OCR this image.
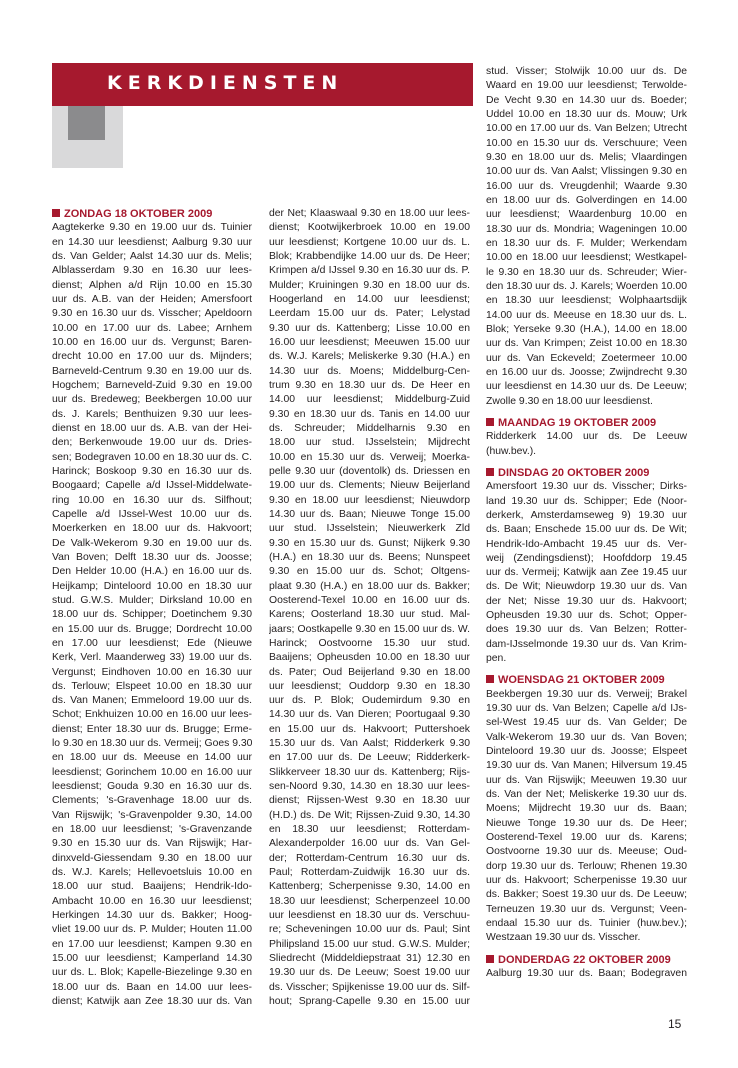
KERKDIENSTEN
ZONDAG 18 OKTOBER 2009
Aagtekerke 9.30 en 19.00 uur ds. Tuinier
en 14.30 uur leesdienst; Aalburg 9.30 uur
ds. Van Gelder; Aalst 14.30 uur ds. Melis;
Alblasserdam 9.30 en 16.30 uur lees-
dienst; Alphen a/d Rijn 10.00 en 15.30
uur ds. A.B. van der Heiden; Amersfoort
9.30 en 16.30 uur ds. Visscher; Apeldoorn
10.00 en 17.00 uur ds. Labee; Arnhem
10.00 en 16.00 uur ds. Vergunst; Baren-
drecht 10.00 en 17.00 uur ds. Mijnders;
Barneveld-Centrum 9.30 en 19.00 uur ds.
Hogchem; Barneveld-Zuid 9.30 en 19.00
uur ds. Bredeweg; Beekbergen 10.00 uur
ds. J. Karels; Benthuizen 9.30 uur lees-
dienst en 18.00 uur ds. A.B. van der Hei-
den; Berkenwoude 19.00 uur ds. Dries-
sen; Bodegraven 10.00 en 18.30 uur ds. C.
Harinck; Boskoop 9.30 en 16.30 uur ds.
Boogaard; Capelle a/d IJssel-Middelwate-
ring 10.00 en 16.30 uur ds. Silfhout;
Capelle a/d IJssel-West 10.00 uur ds.
Moerkerken en 18.00 uur ds. Hakvoort;
De Valk-Wekerom 9.30 en 19.00 uur ds.
Van Boven; Delft 18.30 uur ds. Joosse;
Den Helder 10.00 (H.A.) en 16.00 uur ds.
Heijkamp; Dinteloord 10.00 en 18.30 uur
stud. G.W.S. Mulder; Dirksland 10.00 en
18.00 uur ds. Schipper; Doetinchem 9.30
en 15.00 uur ds. Brugge; Dordrecht 10.00
en 17.00 uur leesdienst; Ede (Nieuwe
Kerk, Verl. Maanderweg 33) 19.00 uur ds.
Vergunst; Eindhoven 10.00 en 16.30 uur
ds. Terlouw; Elspeet 10.00 en 18.30 uur
ds. Van Manen; Emmeloord 19.00 uur ds.
Schot; Enkhuizen 10.00 en 16.00 uur lees-
dienst; Enter 18.30 uur ds. Brugge; Erme-
lo 9.30 en 18.30 uur ds. Vermeij; Goes 9.30
en 18.00 uur ds. Meeuse en 14.00 uur
leesdienst; Gorinchem 10.00 en 16.00 uur
leesdienst; Gouda 9.30 en 16.30 uur ds.
Clements; 's-Gravenhage 18.00 uur ds.
Van Rijswijk; 's-Gravenpolder 9.30, 14.00
en 18.00 uur leesdienst; 's-Gravenzande
9.30 en 15.30 uur ds. Van Rijswijk; Har-
dinxveld-Giessendam 9.30 en 18.00 uur
ds. W.J. Karels; Hellevoetsluis 10.00 en
18.00 uur stud. Baaijens; Hendrik-Ido-
Ambacht 10.00 en 16.30 uur leesdienst;
Herkingen 14.30 uur ds. Bakker; Hoog-
vliet 19.00 uur ds. P. Mulder; Houten 11.00
en 17.00 uur leesdienst; Kampen 9.30 en
15.00 uur leesdienst; Kamperland 14.30
uur ds. L. Blok; Kapelle-Biezelinge 9.30 en
18.00 uur ds. Baan en 14.00 uur lees-
dienst; Katwijk aan Zee 18.30 uur ds. Van
der Net; Klaaswaal 9.30 en 18.00 uur lees-
dienst; Kootwijkerbroek 10.00 en 19.00
uur leesdienst; Kortgene 10.00 uur ds. L.
Blok; Krabbendijke 14.00 uur ds. De Heer;
Krimpen a/d IJssel 9.30 en 16.30 uur ds. P.
Mulder; Kruiningen 9.30 en 18.00 uur ds.
Hoogerland en 14.00 uur leesdienst;
Leerdam 15.00 uur ds. Pater; Lelystad
9.30 uur ds. Kattenberg; Lisse 10.00 en
16.00 uur leesdienst; Meeuwen 15.00 uur
ds. W.J. Karels; Meliskerke 9.30 (H.A.) en
14.30 uur ds. Moens; Middelburg-Cen-
trum 9.30 en 18.30 uur ds. De Heer en
14.00 uur leesdienst; Middelburg-Zuid
9.30 en 18.30 uur ds. Tanis en 14.00 uur
ds. Schreuder; Middelharnis 9.30 en
18.00 uur stud. IJsselstein; Mijdrecht
10.00 en 15.30 uur ds. Verweij; Moerka-
pelle 9.30 uur (doventolk) ds. Driessen en
19.00 uur ds. Clements; Nieuw Beijerland
9.30 en 18.00 uur leesdienst; Nieuwdorp
14.30 uur ds. Baan; Nieuwe Tonge 15.00
uur stud. IJsselstein; Nieuwerkerk Zld
9.30 en 15.30 uur ds. Gunst; Nijkerk 9.30
(H.A.) en 18.30 uur ds. Beens; Nunspeet
9.30 en 15.00 uur ds. Schot; Oltgens-
plaat 9.30 (H.A.) en 18.00 uur ds. Bakker;
Oosterend-Texel 10.00 en 16.00 uur ds.
Karens; Oosterland 18.30 uur stud. Mal-
jaars; Oostkapelle 9.30 en 15.00 uur ds. W.
Harinck; Oostvoorne 15.30 uur stud.
Baaijens; Opheusden 10.00 en 18.30 uur
ds. Pater; Oud Beijerland 9.30 en 18.00
uur leesdienst; Ouddorp 9.30 en 18.30
uur ds. P. Blok; Oudemirdum 9.30 en
14.30 uur ds. Van Dieren; Poortugaal 9.30
en 15.00 uur ds. Hakvoort; Puttershoek
15.30 uur ds. Van Aalst; Ridderkerk 9.30
en 17.00 uur ds. De Leeuw; Ridderkerk-
Slikkerveer 18.30 uur ds. Kattenberg; Rijs-
sen-Noord 9.30, 14.30 en 18.30 uur lees-
dienst; Rijssen-West 9.30 en 18.30 uur
(H.D.) ds. De Wit; Rijssen-Zuid 9.30, 14.30
en 18.30 uur leesdienst; Rotterdam-
Alexanderpolder 16.00 uur ds. Van Gel-
der; Rotterdam-Centrum 16.30 uur ds.
Paul; Rotterdam-Zuidwijk 16.30 uur ds.
Kattenberg; Scherpenisse 9.30, 14.00 en
18.30 uur leesdienst; Scherpenzeel 10.00
uur leesdienst en 18.30 uur ds. Verschuu-
re; Scheveningen 10.00 uur ds. Paul; Sint
Philipsland 15.00 uur stud. G.W.S. Mulder;
Sliedrecht (Middeldiepstraat 31) 12.30 en
19.30 uur ds. De Leeuw; Soest 19.00 uur
ds. Visscher; Spijkenisse 19.00 uur ds. Silf-
hout; Sprang-Capelle 9.30 en 15.00 uur
stud. Visser; Stolwijk 10.00 uur ds. De
Waard en 19.00 uur leesdienst; Terwolde-
De Vecht 9.30 en 14.30 uur ds. Boeder;
Uddel 10.00 en 18.30 uur ds. Mouw; Urk
10.00 en 17.00 uur ds. Van Belzen; Utrecht
10.00 en 15.30 uur ds. Verschuure; Veen
9.30 en 18.00 uur ds. Melis; Vlaardingen
10.00 uur ds. Van Aalst; Vlissingen 9.30 en
16.00 uur ds. Vreugdenhil; Waarde 9.30
en 18.00 uur ds. Golverdingen en 14.00
uur leesdienst; Waardenburg 10.00 en
18.30 uur ds. Mondria; Wageningen 10.00
en 18.30 uur ds. F. Mulder; Werkendam
10.00 en 18.00 uur leesdienst; Westkapel-
le 9.30 en 18.30 uur ds. Schreuder; Wier-
den 18.30 uur ds. J. Karels; Woerden 10.00
en 18.30 uur leesdienst; Wolphaartsdijk
14.00 uur ds. Meeuse en 18.30 uur ds. L.
Blok; Yerseke 9.30 (H.A.), 14.00 en 18.00
uur ds. Van Krimpen; Zeist 10.00 en 18.30
uur ds. Van Eckeveld; Zoetermeer 10.00
en 16.00 uur ds. Joosse; Zwijndrecht 9.30
uur leesdienst en 14.30 uur ds. De Leeuw;
Zwolle 9.30 en 18.00 uur leesdienst.
MAANDAG 19 OKTOBER 2009
Ridderkerk 14.00 uur ds. De Leeuw
(huw.bev.).
DINSDAG 20 OKTOBER 2009
Amersfoort 19.30 uur ds. Visscher; Dirks-
land 19.30 uur ds. Schipper; Ede (Noor-
derkerk, Amsterdamseweg 9) 19.30 uur
ds. Baan; Enschede 15.00 uur ds. De Wit;
Hendrik-Ido-Ambacht 19.45 uur ds. Ver-
weij (Zendingsdienst); Hoofddorp 19.45
uur ds. Vermeij; Katwijk aan Zee 19.45 uur
ds. De Wit; Nieuwdorp 19.30 uur ds. Van
der Net; Nisse 19.30 uur ds. Hakvoort;
Opheusden 19.30 uur ds. Schot; Opper-
does 19.30 uur ds. Van Belzen; Rotter-
dam-IJsselmonde 19.30 uur ds. Van Krim-
pen.
WOENSDAG 21 OKTOBER 2009
Beekbergen 19.30 uur ds. Verweij; Brakel
19.30 uur ds. Van Belzen; Capelle a/d IJs-
sel-West 19.45 uur ds. Van Gelder; De
Valk-Wekerom 19.30 uur ds. Van Boven;
Dinteloord 19.30 uur ds. Joosse; Elspeet
19.30 uur ds. Van Manen; Hilversum 19.45
uur ds. Van Rijswijk; Meeuwen 19.30 uur
ds. Van der Net; Meliskerke 19.30 uur ds.
Moens; Mijdrecht 19.30 uur ds. Baan;
Nieuwe Tonge 19.30 uur ds. De Heer;
Oosterend-Texel 19.00 uur ds. Karens;
Oostvoorne 19.30 uur ds. Meeuse; Oud-
dorp 19.30 uur ds. Terlouw; Rhenen 19.30
uur ds. Hakvoort; Scherpenisse 19.30 uur
ds. Bakker; Soest 19.30 uur ds. De Leeuw;
Terneuzen 19.30 uur ds. Vergunst; Veen-
endaal 15.30 uur ds. Tuinier (huw.bev.);
Westzaan 19.30 uur ds. Visscher.
DONDERDAG 22 OKTOBER 2009
Aalburg 19.30 uur ds. Baan; Bodegraven
15
